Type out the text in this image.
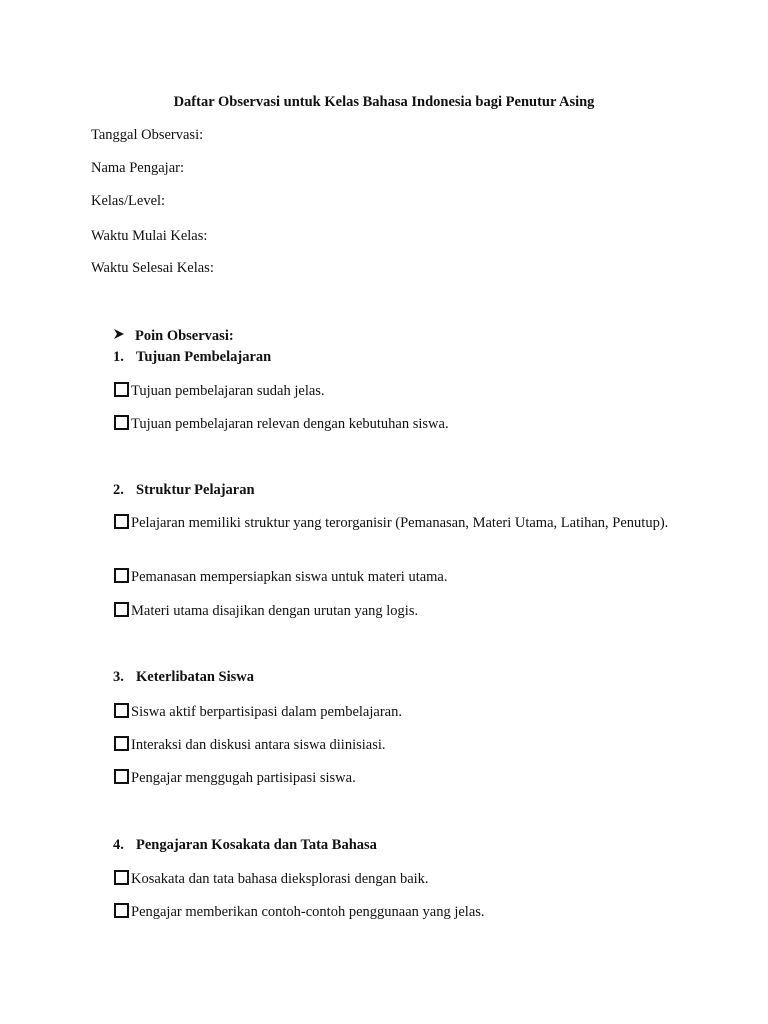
Daftar Observasi untuk Kelas Bahasa Indonesia bagi Penutur Asing
Tanggal Observasi:
Nama Pengajar:
Kelas/Level:
Waktu Mulai Kelas:
Waktu Selesai Kelas:
Poin Observasi:
1. Tujuan Pembelajaran
Tujuan pembelajaran sudah jelas.
Tujuan pembelajaran relevan dengan kebutuhan siswa.
2. Struktur Pelajaran
Pelajaran memiliki struktur yang terorganisir (Pemanasan, Materi Utama, Latihan, Penutup).
Pemanasan mempersiapkan siswa untuk materi utama.
Materi utama disajikan dengan urutan yang logis.
3. Keterlibatan Siswa
Siswa aktif berpartisipasi dalam pembelajaran.
Interaksi dan diskusi antara siswa diinisiasi.
Pengajar menggugah partisipasi siswa.
4. Pengajaran Kosakata dan Tata Bahasa
Kosakata dan tata bahasa dieksplorasi dengan baik.
Pengajar memberikan contoh-contoh penggunaan yang jelas.
